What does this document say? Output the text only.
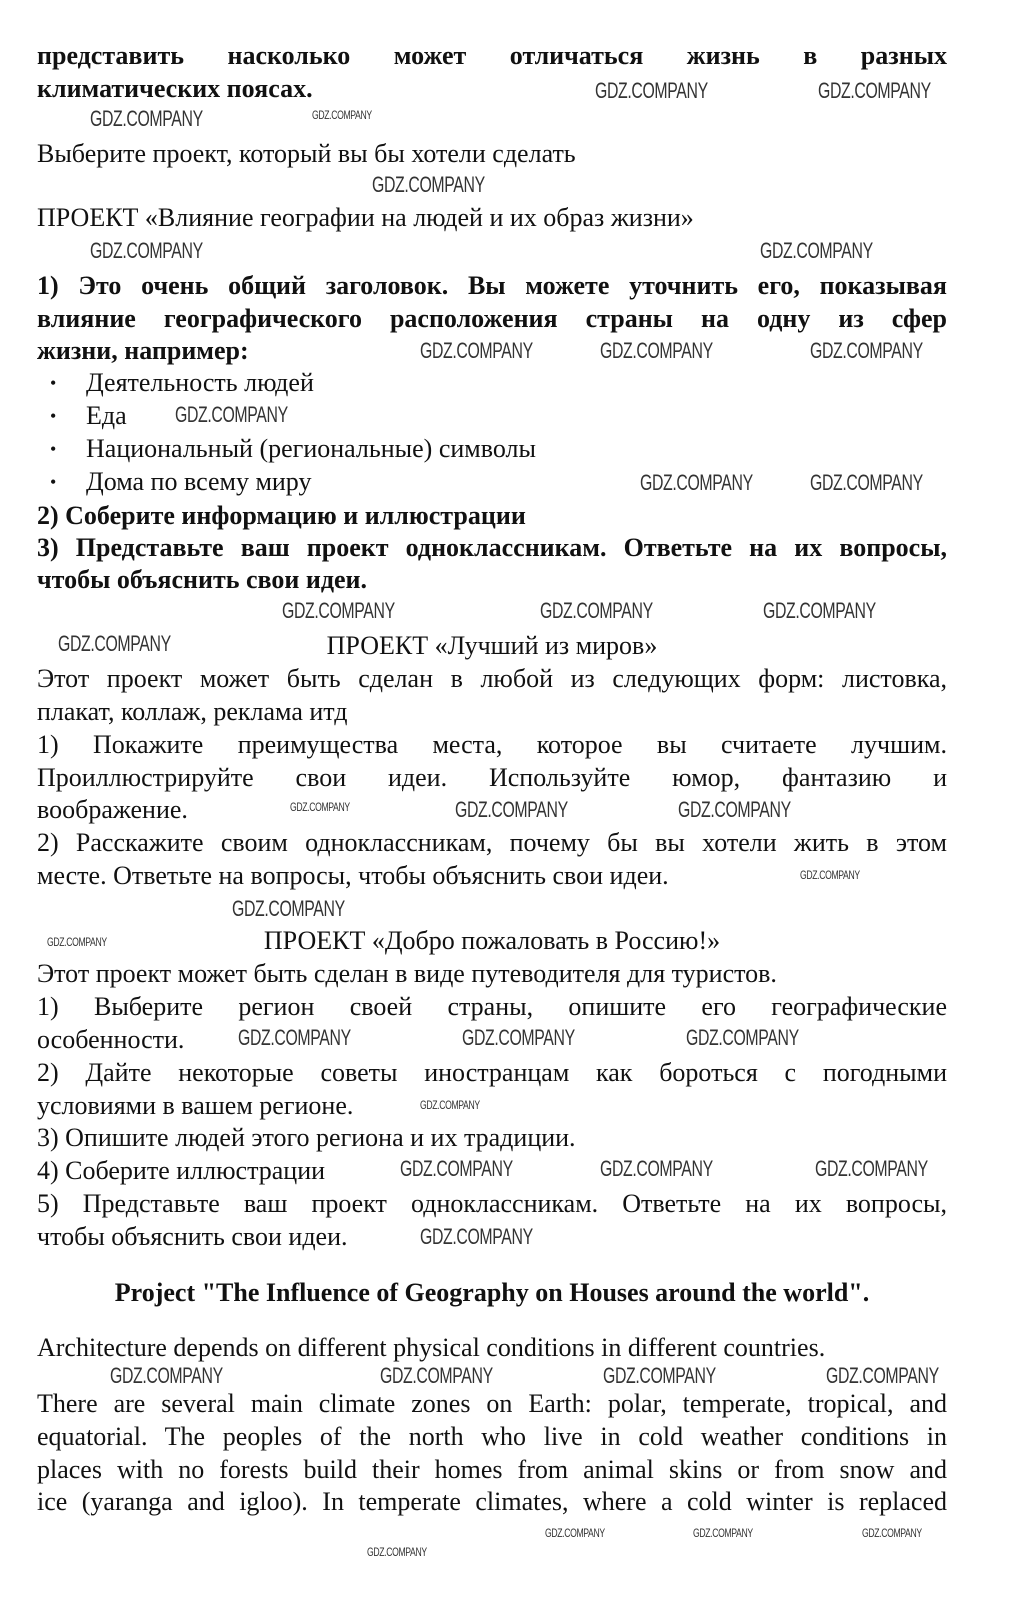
представить насколько может отличаться жизнь в разных
климатических поясах.
Выберите проект, который вы бы хотели сделать
ПРОЕКТ «Влияние географии на людей и их образ жизни»
1) Это очень общий заголовок. Вы можете уточнить его, показывая
влияние географического расположения страны на одну из сфер
жизни, например:
• Деятельность людей
• Еда
• Национальный (региональные) символы
• Дома по всему миру
2) Соберите информацию и иллюстрации
3) Представьте ваш проект одноклассникам. Ответьте на их вопросы,
чтобы объяснить свои идеи.
ПРОЕКТ «Лучший из миров»
Этот проект может быть сделан в любой из следующих форм: листовка,
плакат, коллаж, реклама итд
1) Покажите преимущества места, которое вы считаете лучшим.
Проиллюстрируйте свои идеи. Используйте юмор, фантазию и
воображение.
2) Расскажите своим одноклассникам, почему бы вы хотели жить в этом
месте. Ответьте на вопросы, чтобы объяснить свои идеи.
ПРОЕКТ «Добро пожаловать в Россию!»
Этот проект может быть сделан в виде путеводителя для туристов.
1) Выберите регион своей страны, опишите его географические
особенности.
2) Дайте некоторые советы иностранцам как бороться с погодными
условиями в вашем регионе.
3) Опишите людей этого региона и их традиции.
4) Соберите иллюстрации
5) Представьте ваш проект одноклассникам. Ответьте на их вопросы,
чтобы объяснить свои идеи.
Project "The Influence of Geography on Houses around the world".
Architecture depends on different physical conditions in different countries.
There are several main climate zones on Earth: polar, temperate, tropical, and
equatorial. The peoples of the north who live in cold weather conditions in
places with no forests build their homes from animal skins or from snow and
ice (yaranga and igloo). In temperate climates, where a cold winter is replaced
GDZ.COMPANY
GDZ.COMPANY	GDZ.COMPANY
GDZ.COMPANY
GDZ.COMPANY
GDZ.COMPANY
GDZ.COMPANY
GDZ.COMPANY	GDZ.COMPANY	GDZ.COMPANY
GDZ.COMPANY
GDZ.COMPANY	GDZ.COMPANY
GDZ.COMPANY	GDZ.COMPANY	GDZ.COMPANY
GDZ.COMPANY
GDZ.COMPANY	GDZ.COMPANY	GDZ.COMPANY
GDZ.COMPANY
GDZ.COMPANY
GDZ.COMPANY
GDZ.COMPANY	GDZ.COMPANY
GDZ.COMPANY
GDZ.COMPANY
GDZ.COMPANY	GDZ.COMPANY	GDZ.COMPANY
GDZ.COMPANY
GDZ.COMPANY	GDZ.COMPANY	GDZ.COMPANY	GDZ.COMPANY
GDZ.COMPANY	GDZ.COMPANY	GDZ.COMPANY
GDZ.COMPANY
